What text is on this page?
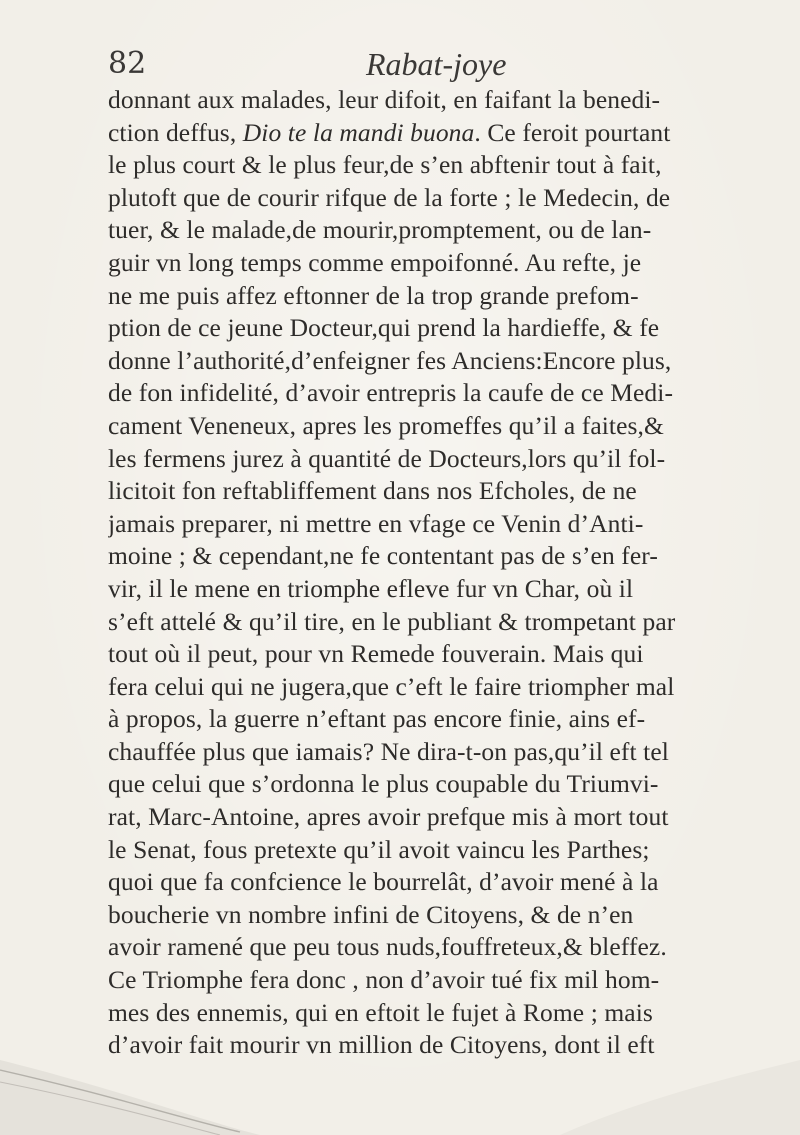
82	Rabat-joye
donnant aux malades, leur difoit, en faifant la benedi-
ction deffus, Dio te la mandi buona. Ce feroit pourtant
le plus court & le plus feur,de s’en abftenir tout à fait,
plutoft que de courir rifque de la forte ; le Medecin, de
tuer, & le malade,de mourir,promptement, ou de lan-
guir vn long temps comme empoifonné. Au refte, je
ne me puis affez eftonner de la trop grande prefom-
ption de ce jeune Docteur,qui prend la hardieffe, & fe
donne l’authorité,d’enfeigner fes Anciens:Encore plus,
de fon infidelité, d’avoir entrepris la caufe de ce Medi-
cament Veneneux, apres les promeffes qu’il a faites,&
les fermens jurez à quantité de Docteurs,lors qu’il fol-
licitoit fon reftabliffement dans nos Efcholes, de ne
jamais preparer, ni mettre en vfage ce Venin d’Anti-
moine ; & cependant,ne fe contentant pas de s’en fer-
vir, il le mene en triomphe efleve fur vn Char, où il
s’eft attelé & qu’il tire, en le publiant & trompetant par
tout où il peut, pour vn Remede fouverain. Mais qui
fera celui qui ne jugera,que c’eft le faire triompher mal
à propos, la guerre n’eftant pas encore finie, ains ef-
chauffée plus que iamais? Ne dira-t-on pas,qu’il eft tel
que celui que s’ordonna le plus coupable du Triumvi-
rat, Marc-Antoine, apres avoir prefque mis à mort tout
le Senat, fous pretexte qu’il avoit vaincu les Parthes;
quoi que fa confcience le bourrelât, d’avoir mené à la
boucherie vn nombre infini de Citoyens, & de n’en
avoir ramené que peu tous nuds,fouffreteux,& bleffez.
Ce Triomphe fera donc , non d’avoir tué fix mil hom-
mes des ennemis, qui en eftoit le fujet à Rome ; mais
d’avoir fait mourir vn million de Citoyens, dont il eft
